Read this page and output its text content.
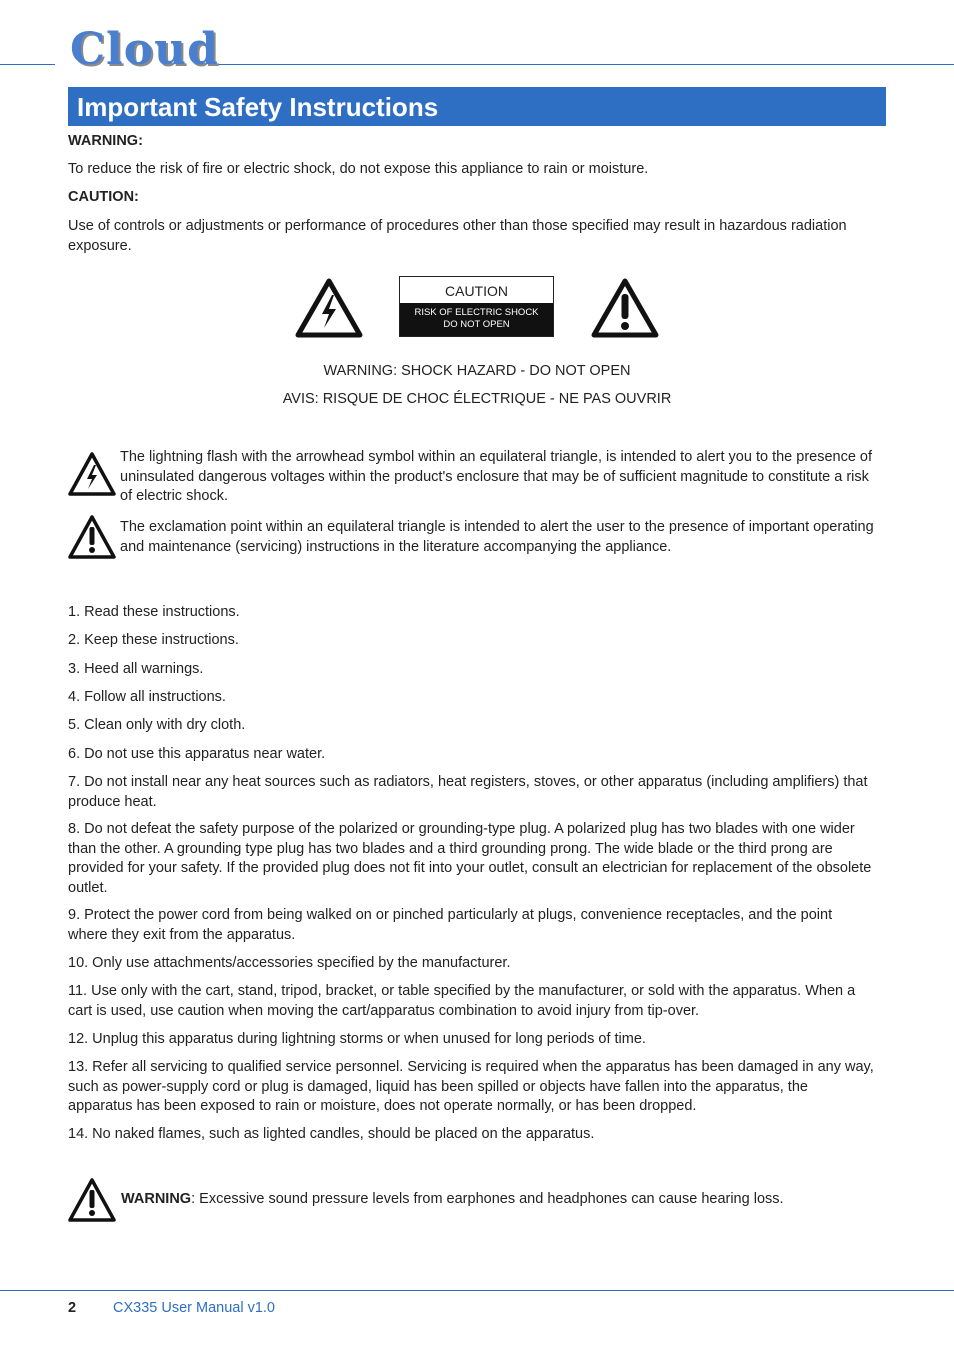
Cloud
Important Safety Instructions
WARNING:
To reduce the risk of fire or electric shock, do not expose this appliance to rain or moisture.
CAUTION:
Use of controls or adjustments or performance of procedures other than those specified may result in hazardous radiation exposure.
CAUTION
RISK OF ELECTRIC SHOCK
DO NOT OPEN
WARNING: SHOCK HAZARD - DO NOT OPEN
AVIS: RISQUE DE CHOC ÉLECTRIQUE - NE PAS OUVRIR
The lightning flash with the arrowhead symbol within an equilateral triangle, is intended to alert you to the presence of uninsulated dangerous voltages within the product's enclosure that may be of sufficient magnitude to constitute a risk of electric shock.
The exclamation point within an equilateral triangle is intended to alert the user to the presence of important operating and maintenance (servicing) instructions in the literature accompanying the appliance.
1. Read these instructions.
2. Keep these instructions.
3. Heed all warnings.
4. Follow all instructions.
5. Clean only with dry cloth.
6. Do not use this apparatus near water.
7. Do not install near any heat sources such as radiators, heat registers, stoves, or other apparatus (including amplifiers) that produce heat.
8. Do not defeat the safety purpose of the polarized or grounding-type plug. A polarized plug has two blades with one wider than the other. A grounding type plug has two blades and a third grounding prong. The wide blade or the third prong are provided for your safety. If the provided plug does not fit into your outlet, consult an electrician for replacement of the obsolete outlet.
9. Protect the power cord from being walked on or pinched particularly at plugs, convenience receptacles, and the point where they exit from the apparatus.
10. Only use attachments/accessories specified by the manufacturer.
11. Use only with the cart, stand, tripod, bracket, or table specified by the manufacturer, or sold with the apparatus. When a cart is used, use caution when moving the cart/apparatus combination to avoid injury from tip-over.
12. Unplug this apparatus during lightning storms or when unused for long periods of time.
13. Refer all servicing to qualified service personnel. Servicing is required when the apparatus has been damaged in any way, such as power-supply cord or plug is damaged, liquid has been spilled or objects have fallen into the apparatus, the apparatus has been exposed to rain or moisture, does not operate normally, or has been dropped.
14. No naked flames, such as lighted candles, should be placed on the apparatus.
WARNING: Excessive sound pressure levels from earphones and headphones can cause hearing loss.
2	CX335 User Manual v1.0
